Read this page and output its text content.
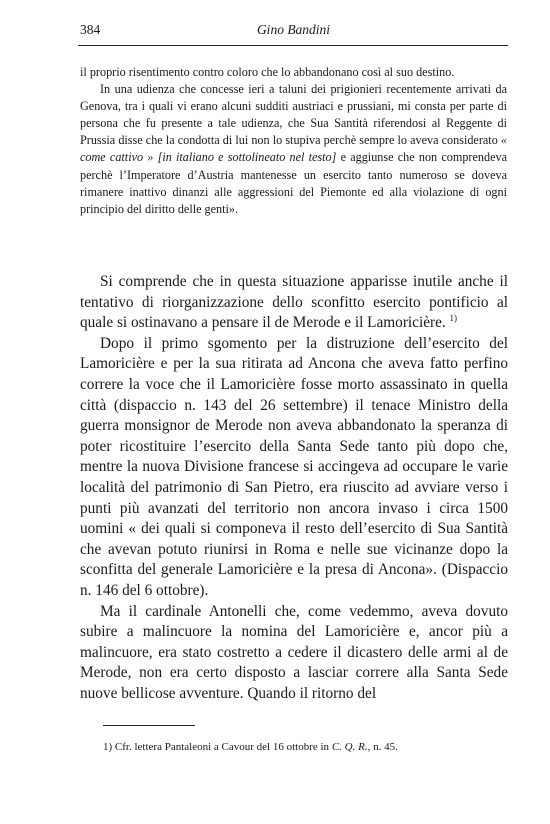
384	Gino Bandini

il proprio risentimento contro coloro che lo abbandonano così al suo destino.

In una udienza che concesse ieri a taluni dei prigionieri recentemente arrivati da Genova, tra i quali vi erano alcuni sudditi austriaci e prussiani, mi consta per parte di persona che fu presente a tale udienza, che Sua Santità riferendosi al Reggente di Prussia disse che la condotta di lui non lo stupiva perchè sempre lo aveva considerato « come cattivo » [in italiano e sottolineato nel testo] e aggiunse che non comprendeva perchè l’Imperatore d’Austria mantenesse un esercito tanto numeroso se doveva rimanere inattivo dinanzi alle aggressioni del Piemonte ed alla violazione di ogni principio del diritto delle genti».

Si comprende che in questa situazione apparisse inutile anche il tentativo di riorganizzazione dello sconfitto esercito pontificio al quale si ostinavano a pensare il de Merode e il Lamoricière. $^{1)}$

Dopo il primo sgomento per la distruzione dell’esercito del Lamoricière e per la sua ritirata ad Ancona che aveva fatto perfino correre la voce che il Lamoricière fosse morto assassinato in quella città (dispaccio n. 143 del 26 settembre) il tenace Ministro della guerra monsignor de Merode non aveva abbandonato la speranza di poter ricostituire l’esercito della Santa Sede tanto più dopo che, mentre la nuova Divisione francese si accingeva ad occupare le varie località del patrimonio di San Pietro, era riuscito ad avviare verso i punti più avanzati del territorio non ancora invaso i circa 1500 uomini « dei quali si componeva il resto dell’esercito di Sua Santità che avevan potuto riunirsi in Roma e nelle sue vicinanze dopo la sconfitta del generale Lamoricière e la presa di Ancona». (Dispaccio n. 146 del 6 ottobre).

Ma il cardinale Antonelli che, come vedemmo, aveva dovuto subire a malincuore la nomina del Lamoricière e, ancor più a malincuore, era stato costretto a cedere il dicastero delle armi al de Merode, non era certo disposto a lasciar correre alla Santa Sede nuove bellicose avventure. Quando il ritorno del

1) Cfr. lettera Pantaleoni a Cavour del 16 ottobre in C. Q. R., n. 45.
